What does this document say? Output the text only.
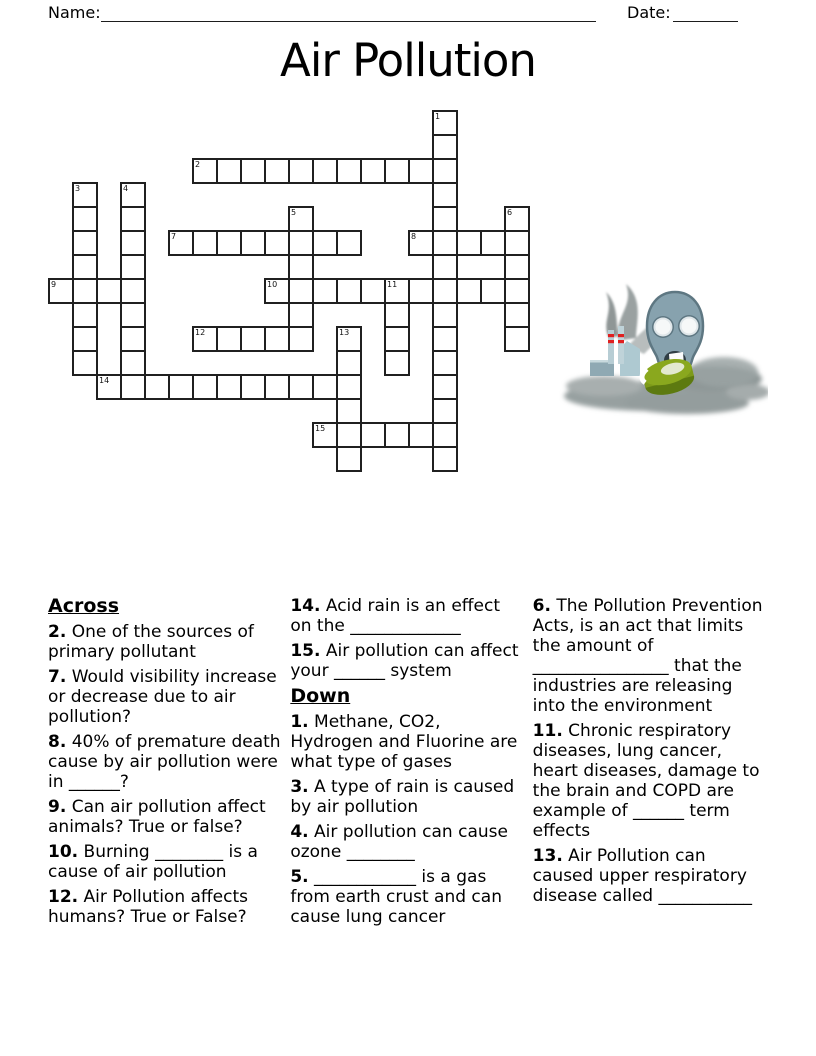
Name:	Date:
Air Pollution
1
2
3	4
5	6
7	8
9	10	11
12	13
14
15
Across

2. One of the sources of primary pollutant

7. Would visibility increase or decrease due to air pollution?

8. 40% of premature death cause by air pollution were in ______?

9. Can air pollution affect animals? True or false?

10. Burning ________ is a cause of air pollution

12. Air Pollution affects humans? True or False?

14. Acid rain is an effect on the _____________

15. Air pollution can affect your ______ system

Down

1. Methane, CO2, Hydrogen and Fluorine are what type of gases

3. A type of rain is caused by air pollution

4. Air pollution can cause ozone ________

5. ____________ is a gas from earth crust and can cause lung cancer

6. The Pollution Prevention Acts, is an act that limits the amount of ________________ that the industries are releasing into the environment

11. Chronic respiratory diseases, lung cancer, heart diseases, damage to the brain and COPD are example of ______ term effects

13. Air Pollution can caused upper respiratory disease called ___________
